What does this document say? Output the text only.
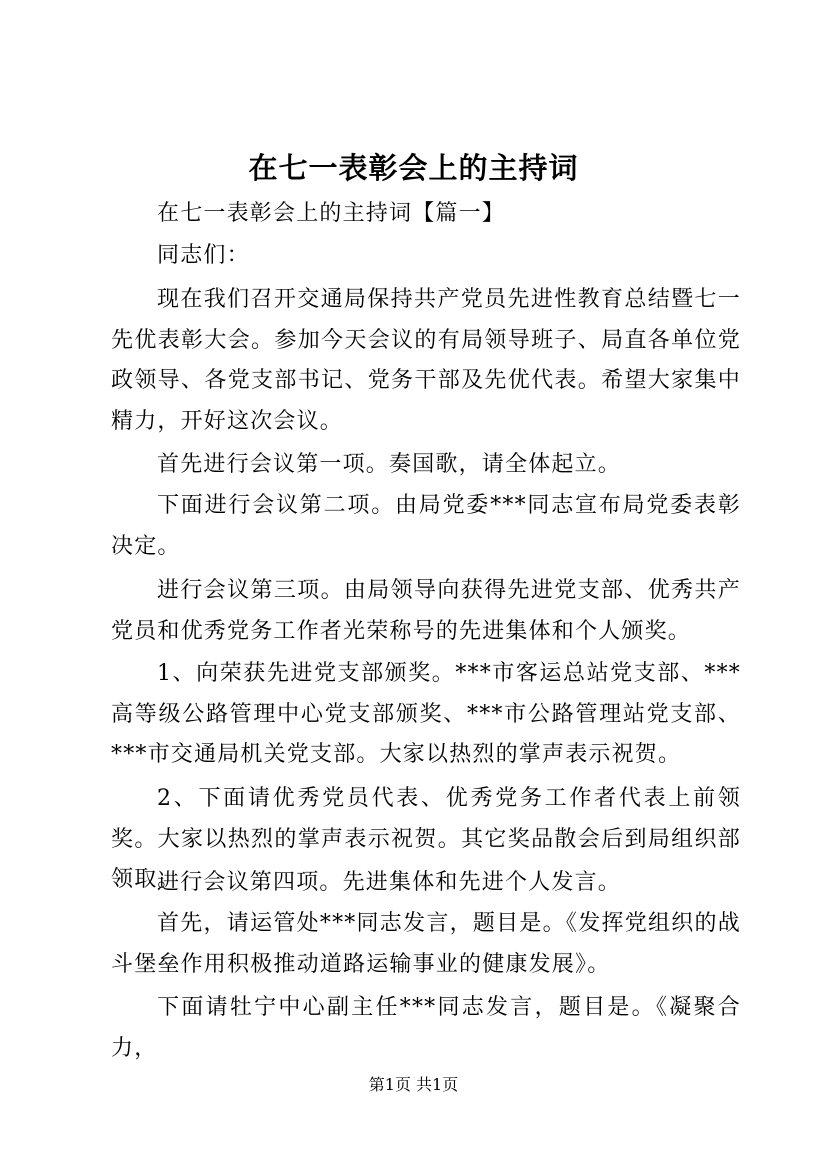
在七一表彰会上的主持词

在七一表彰会上的主持词【篇一】

同志们：

现在我们召开交通局保持共产党员先进性教育总结暨七一先优表彰大会。参加今天会议的有局领导班子、局直各单位党政领导、各党支部书记、党务干部及先优代表。希望大家集中精力，开好这次会议。

首先进行会议第一项。奏国歌，请全体起立。

下面进行会议第二项。由局党委***同志宣布局党委表彰决定。

进行会议第三项。由局领导向获得先进党支部、优秀共产党员和优秀党务工作者光荣称号的先进集体和个人颁奖。

1、向荣获先进党支部颁奖。***市客运总站党支部、***高等级公路管理中心党支部颁奖、***市公路管理站党支部、***市交通局机关党支部。大家以热烈的掌声表示祝贺。

2、下面请优秀党员代表、优秀党务工作者代表上前领奖。大家以热烈的掌声表示祝贺。其它奖品散会后到局组织部领取。

进行会议第四项。先进集体和先进个人发言。

首先，请运管处***同志发言，题目是。《发挥党组织的战斗堡垒作用积极推动道路运输事业的健康发展》。

下面请牡宁中心副主任***同志发言，题目是。《凝聚合力，

第1页 共1页
